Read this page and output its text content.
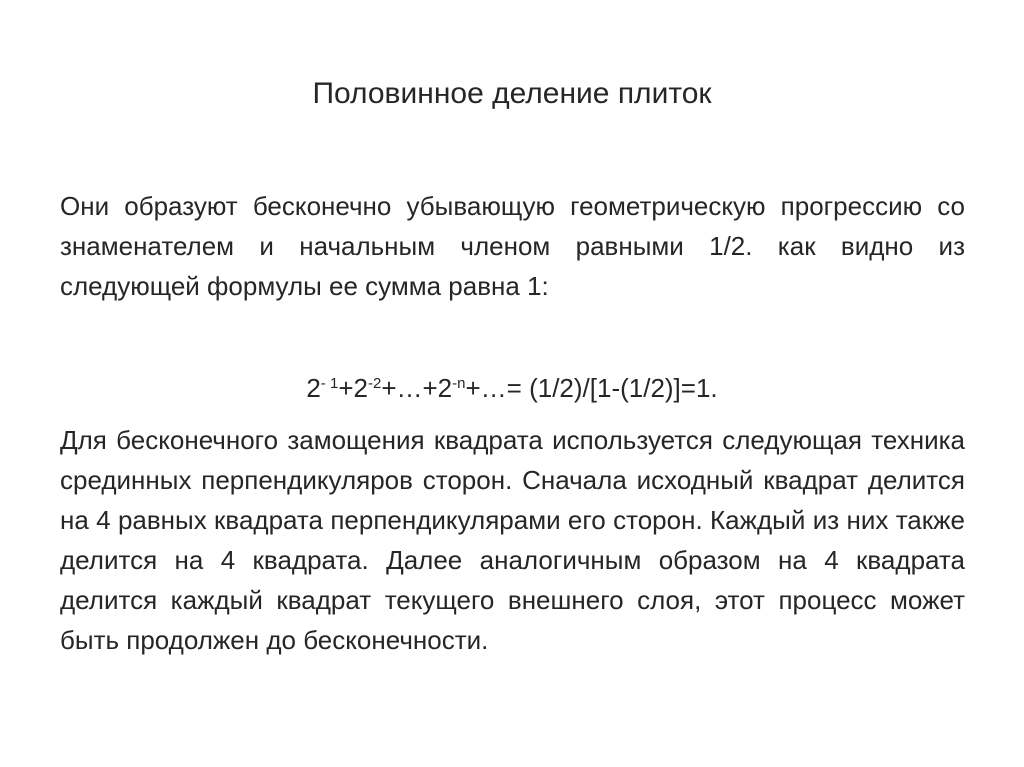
Половинное деление плиток
Они образуют бесконечно убывающую геометрическую прогрессию со знаменателем и начальным членом равными 1/2. как видно из следующей формулы ее сумма равна 1:
$2^{- 1}+2^{-2}+\dots+2^{-n}+\dots= (1/2)/[1-(1/2)]=1$.
Для бесконечного замощения квадрата используется следующая техника срединных перпендикуляров сторон. Сначала исходный квадрат делится на 4 равных квадрата перпендикулярами его сторон. Каждый из них также делится на 4 квадрата. Далее аналогичным образом на 4 квадрата делится каждый квадрат текущего внешнего слоя, этот процесс может быть продолжен до бесконечности.
